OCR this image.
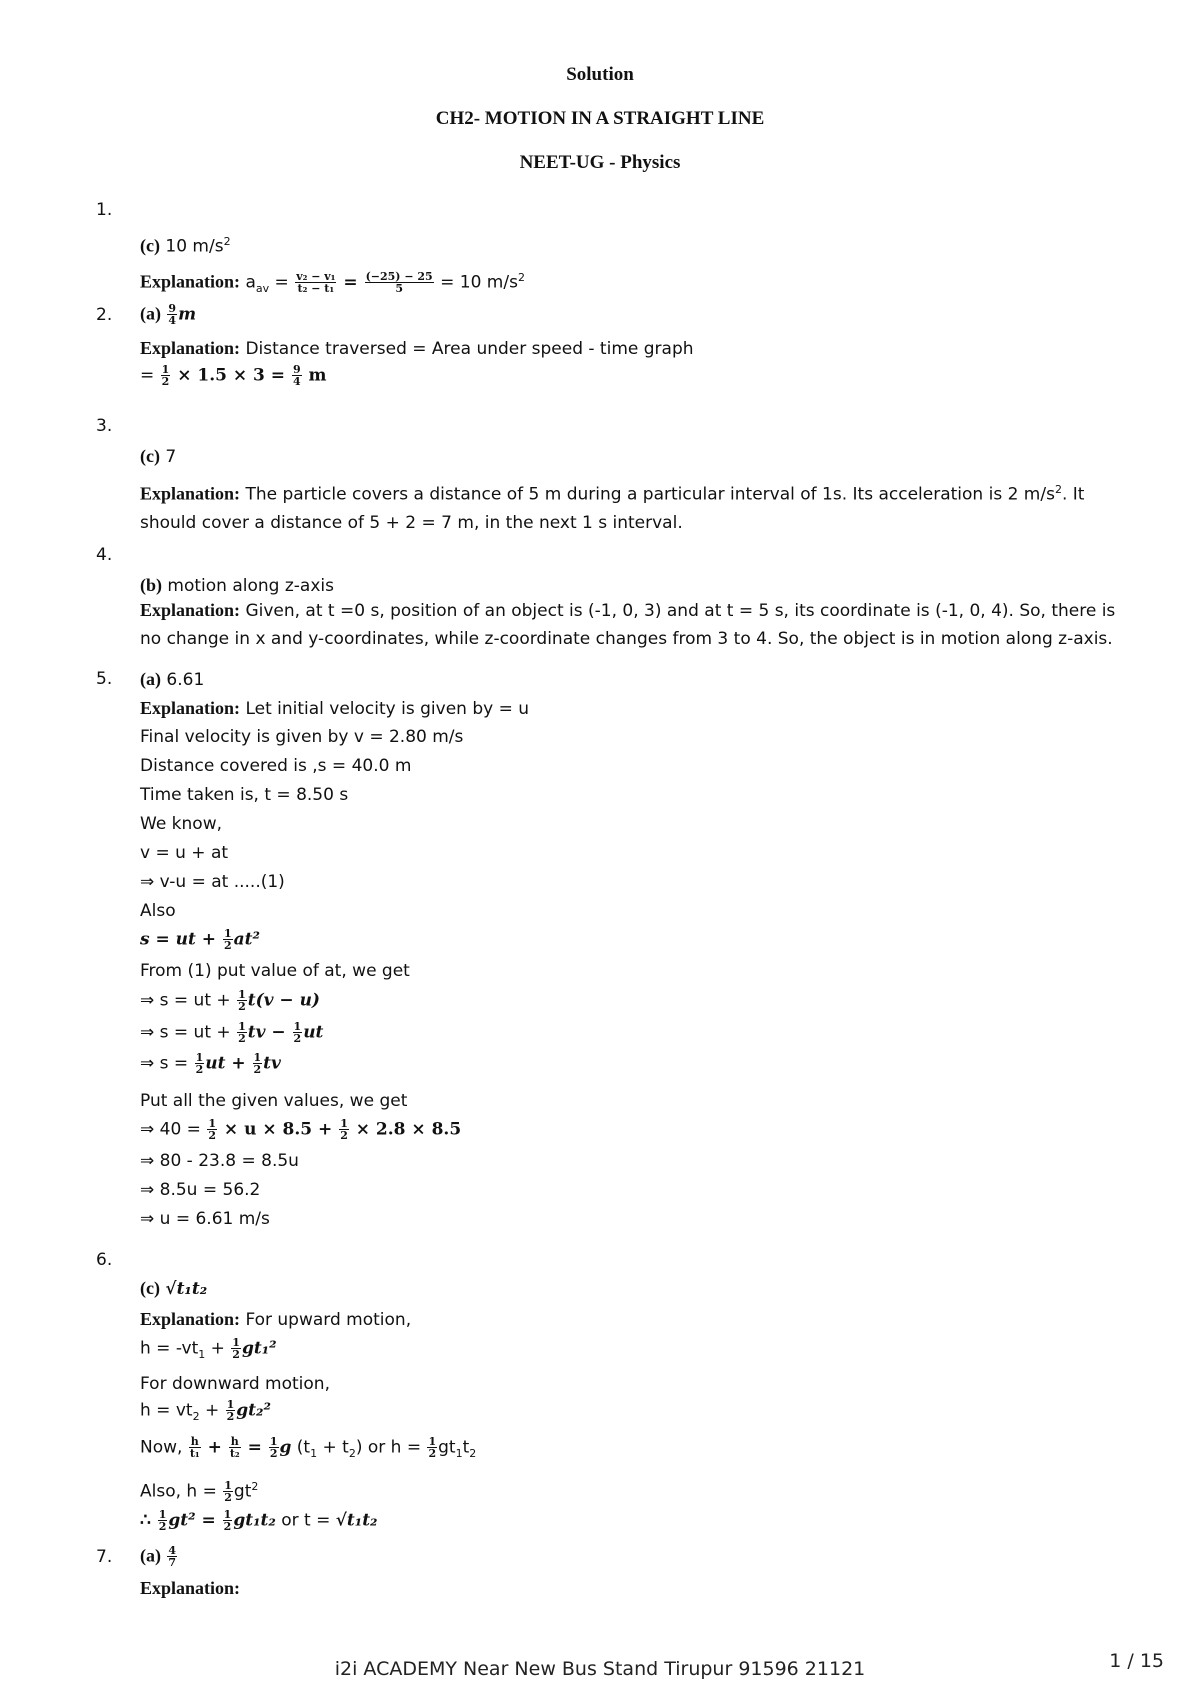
Solution
CH2- MOTION IN A STRAIGHT LINE
NEET-UG - Physics
1.
(c) 10 $m/s^2$
Explanation: $a_{av} = \frac{\text{v₂ − v₁}}{\text{t₂ − t₁}} = \frac{(-25) - 25}{5} = 10$ $m/s^2$
2. $(a) \frac{9}{4}$ m
Explanation: Distance traversed = Area under speed - time graph
= $\frac{1}{2} \times 1.5 \times 3 = \frac{9}{4}$ m
3.
(c) 7
Explanation: The particle covers a distance of 5 m during a particular interval of 1s. Its acceleration is 2 $m/s^2$. It should cover a distance of 5 + 2 = 7 m, in the next 1 s interval.
4.
(b) motion along z-axis
Explanation: Given, at t =0 s, position of an object is (-1, 0, 3) and at t = 5 s, its coordinate is (-1, 0, 4). So, there is no change in x and y-coordinates, while z-coordinate changes from 3 to 4. So, the object is in motion along z-axis.
5. (a) 6.61
Explanation: Let initial velocity is given by = u
Final velocity is given by v = 2.80 m/s
Distance covered is ,s = 40.0 m
Time taken is, t = 8.50 s
We know,
v = u + at
⇒ v-u = at .....(1)
Also
s = ut + $\frac{1}{2} at^2$
From (1) put value of at, we get
⇒ s = ut + $\frac{1}{2} t(v - u)$
⇒ s = ut + $\frac{1}{2}$ tv − $\frac{1}{2}$ ut
⇒ $s = \frac{1}{2}$ ut + $\frac{1}{2}$ tv
Put all the given values, we get
⇒ $40 = \frac{1}{2} \times u \times 8.5 + \frac{1}{2} \times 2.8 \times 8.5$
⇒ 80 - 23.8 = 8.5u
⇒ 8.5u = 56.2
⇒ u = 6.61 m/s
6.
(c) √t₁t₂
Explanation: For upward motion,
$h = -vt_1 + \frac{1}{2} gt_1^2$
For downward motion,
$h = vt_2 + \frac{1}{2} gt_2^2$
Now, $\frac{h}{\text{t₁}} + \frac{h}{\text{t₂}} = \frac{1}{2}$ g $(t_1 + t_2)$ or $h = \frac{1}{2} gt_1t_2$
Also, $h = \frac{1}{2} gt^2$
∴ $\frac{1}{2} gt^2 = \frac{1}{2} gt_1t_2$ or t = √t₁t₂
7. $(a) \frac{4}{7}$
Explanation:
i2i ACADEMY Near New Bus Stand Tirupur 91596 21121	1 / 15
